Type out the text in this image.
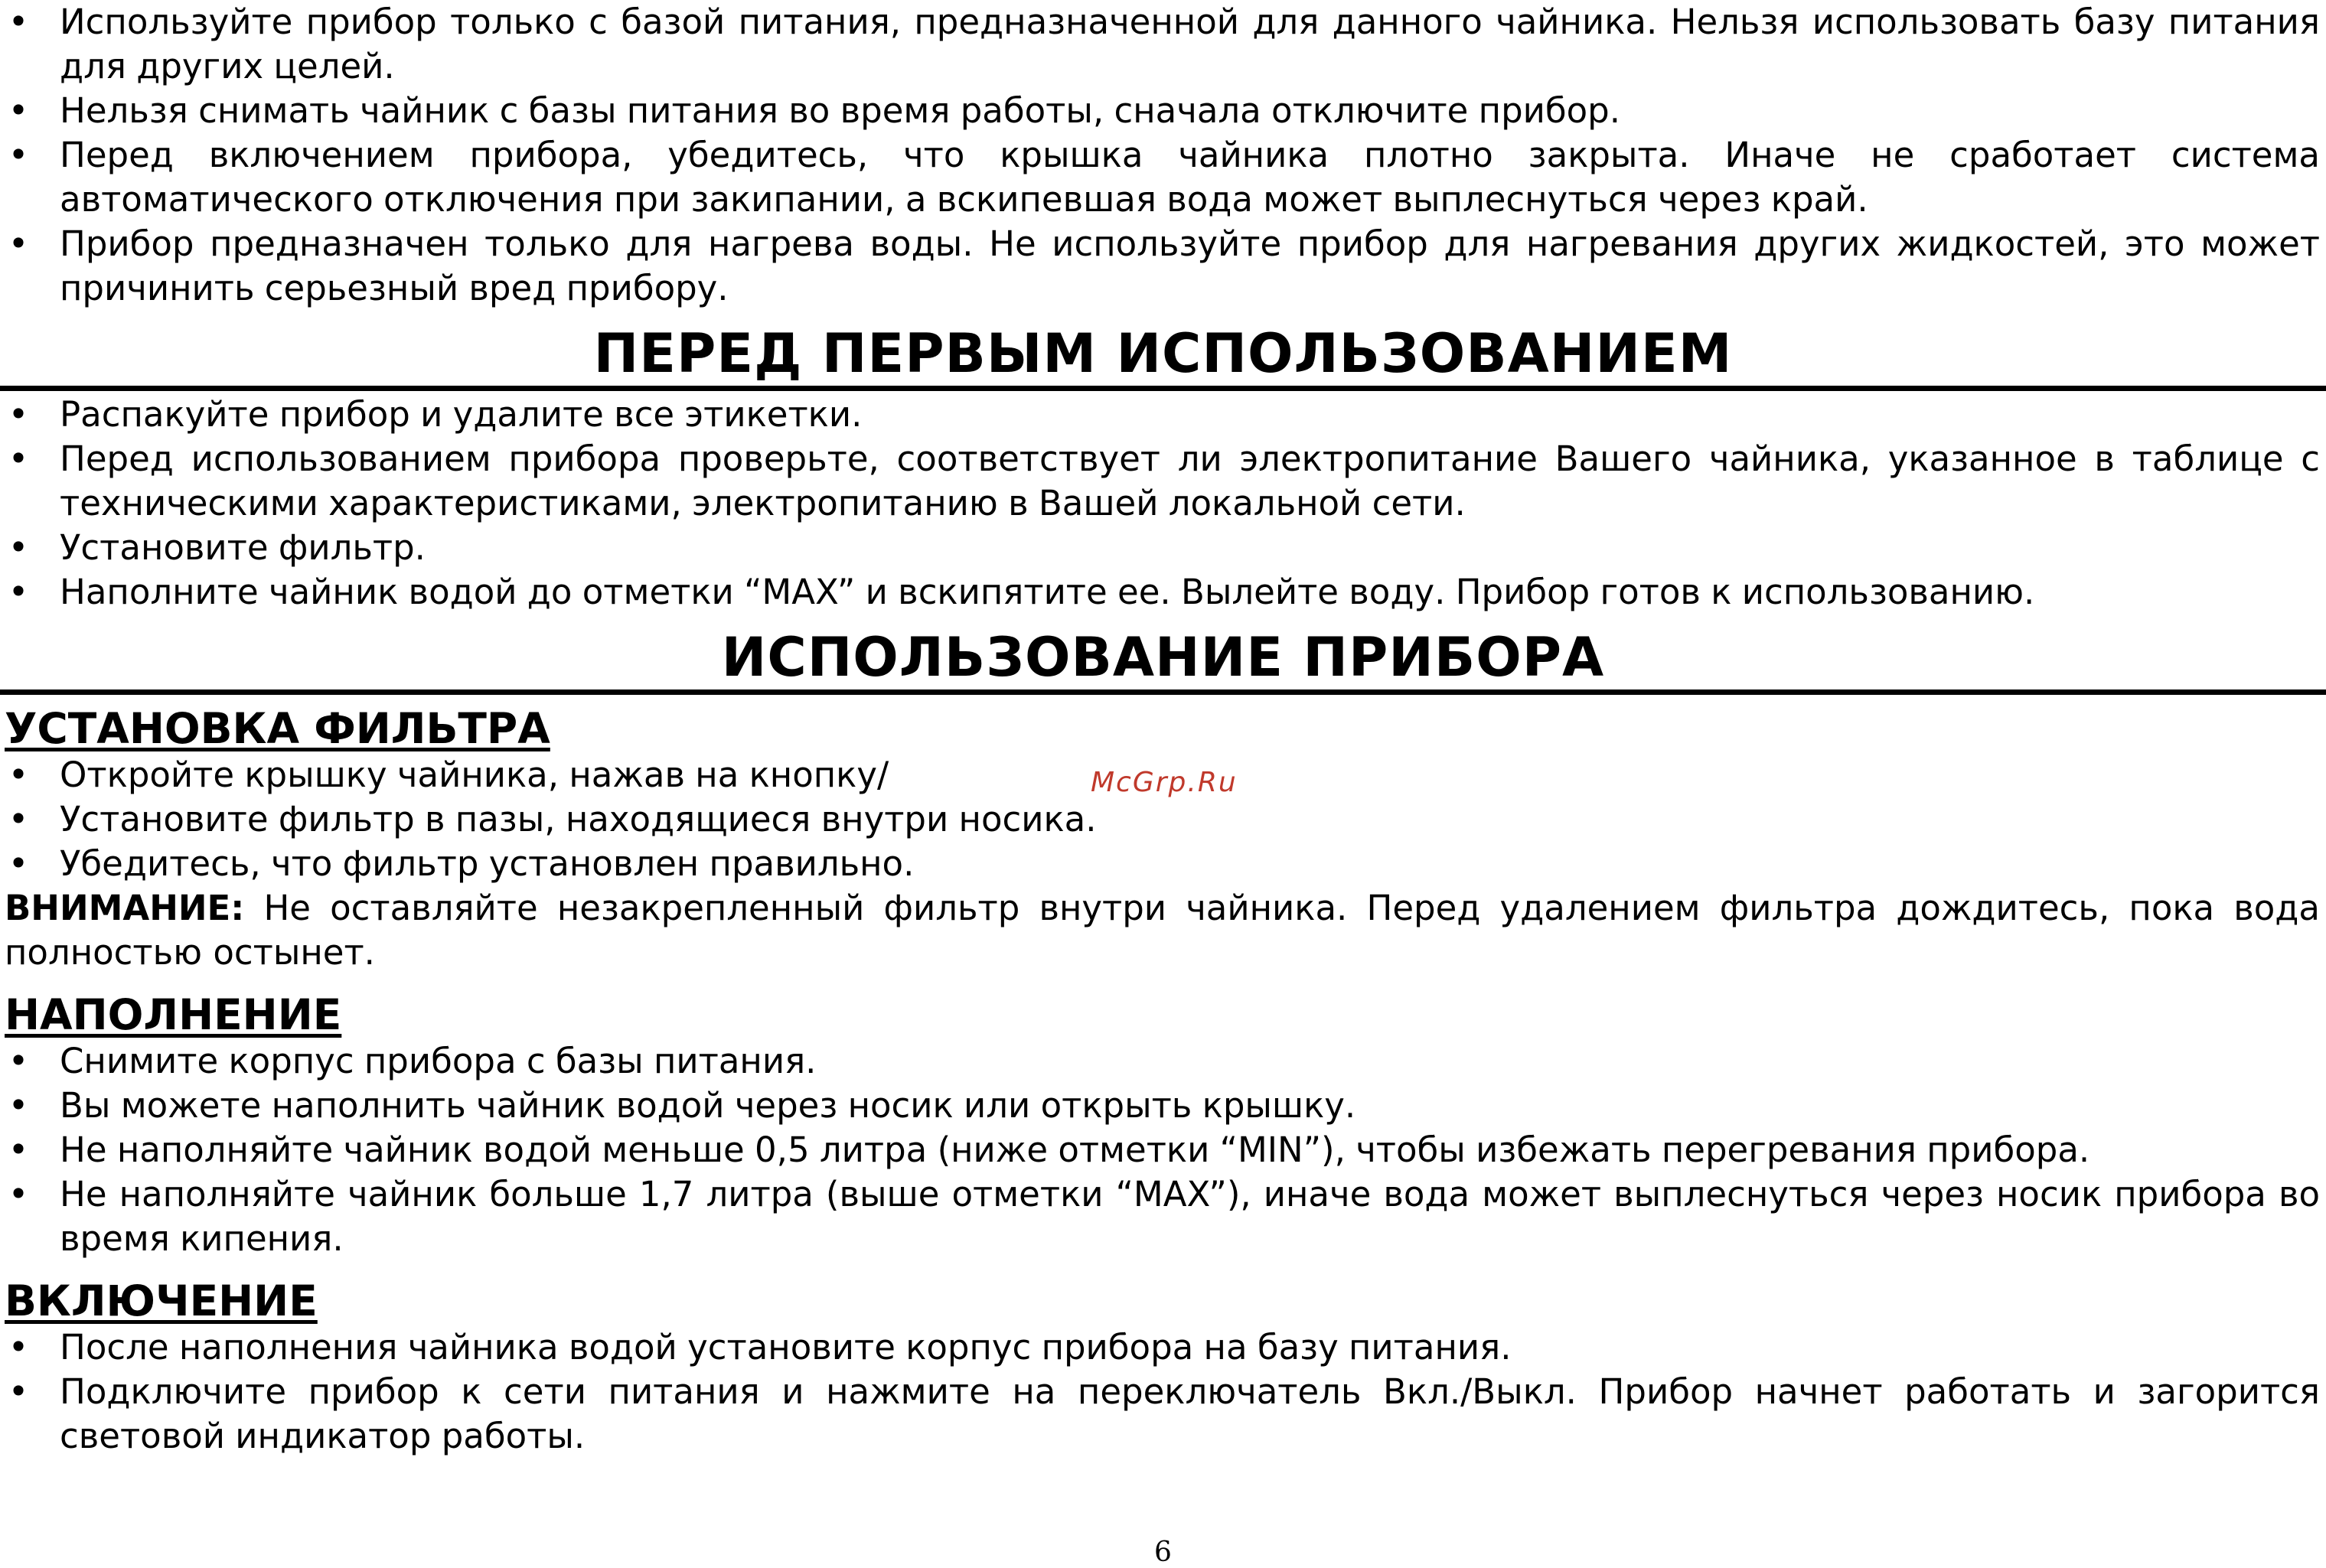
• Используйте прибор только с базой питания, предназначенной для данного чайника. Нельзя использовать базу питания для других целей.
• Нельзя снимать чайник с базы питания во время работы, сначала отключите прибор.
• Перед включением прибора, убедитесь, что крышка чайника плотно закрыта. Иначе не сработает система автоматического отключения при закипании, а вскипевшая вода может выплеснуться через край.
• Прибор предназначен только для нагрева воды. Не используйте прибор для нагревания других жидкостей, это может причинить серьезный вред прибору.
ПЕРЕД ПЕРВЫМ ИСПОЛЬЗОВАНИЕМ
• Распакуйте прибор и удалите все этикетки.
• Перед использованием прибора проверьте, соответствует ли электропитание Вашего чайника, указанное в таблице с техническими характеристиками, электропитанию в Вашей локальной сети.
• Установите фильтр.
• Наполните чайник водой до отметки “MAX” и вскипятите ее. Вылейте воду. Прибор готов к использованию.
ИСПОЛЬЗОВАНИЕ ПРИБОРА
УСТАНОВКА ФИЛЬТРА
• Откройте крышку чайника, нажав на кнопку/
• Установите фильтр в пазы, находящиеся внутри носика.
• Убедитесь, что фильтр установлен правильно.

ВНИМАНИЕ: Не оставляйте незакрепленный фильтр внутри чайника. Перед удалением фильтра дождитесь, пока вода полностью остынет.

НАПОЛНЕНИЕ
• Снимите корпус прибора с базы питания.
• Вы можете наполнить чайник водой через носик или открыть крышку.
• Не наполняйте чайник водой меньше 0,5 литра (ниже отметки “MIN”), чтобы избежать перегревания прибора.
• Не наполняйте чайник больше 1,7 литра (выше отметки “MAX”), иначе вода может выплеснуться через носик прибора во время кипения.
ВКЛЮЧЕНИЕ
• После наполнения чайника водой установите корпус прибора на базу питания.
• Подключите прибор к сети питания и нажмите на переключатель Вкл./Выкл. Прибор начнет работать и загорится световой индикатор работы.
McGrp.Ru
6
